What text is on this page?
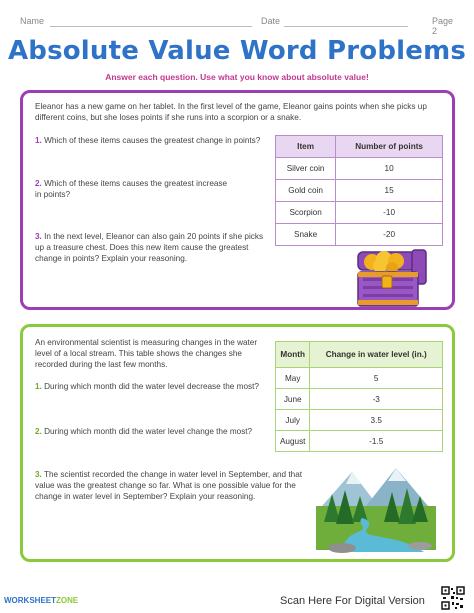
Name	Date	Page 2
Absolute Value Word Problems
Answer each question. Use what you know about absolute value!
Eleanor has a new game on her tablet. In the first level of the game, Eleanor gains points when she picks up different coins, but she loses points if she runs into a scorpion or a snake.
1. Which of these items causes the greatest change in points?
2. Which of these items causes the greatest increase in points?
3. In the next level, Eleanor can also gain 20 points if she picks up a treasure chest. Does this new item cause the greatest change in points? Explain your reasoning.
Item	Number of points
Silver coin	10
Gold coin	15
Scorpion	-10
Snake	-20
An environmental scientist is measuring changes in the water level of a local stream. This table shows the changes she recorded during the last few months.
1. During which month did the water level decrease the most?
2. During which month did the water level change the most?
3. The scientist recorded the change in water level in September, and that value was the greatest change so far. What is one possible value for the change in water level in September? Explain your reasoning.
Month	Change in water level (in.)
May	5
June	-3
July	3.5
August	-1.5
WORKSHEETZONE	Scan Here For Digital Version
